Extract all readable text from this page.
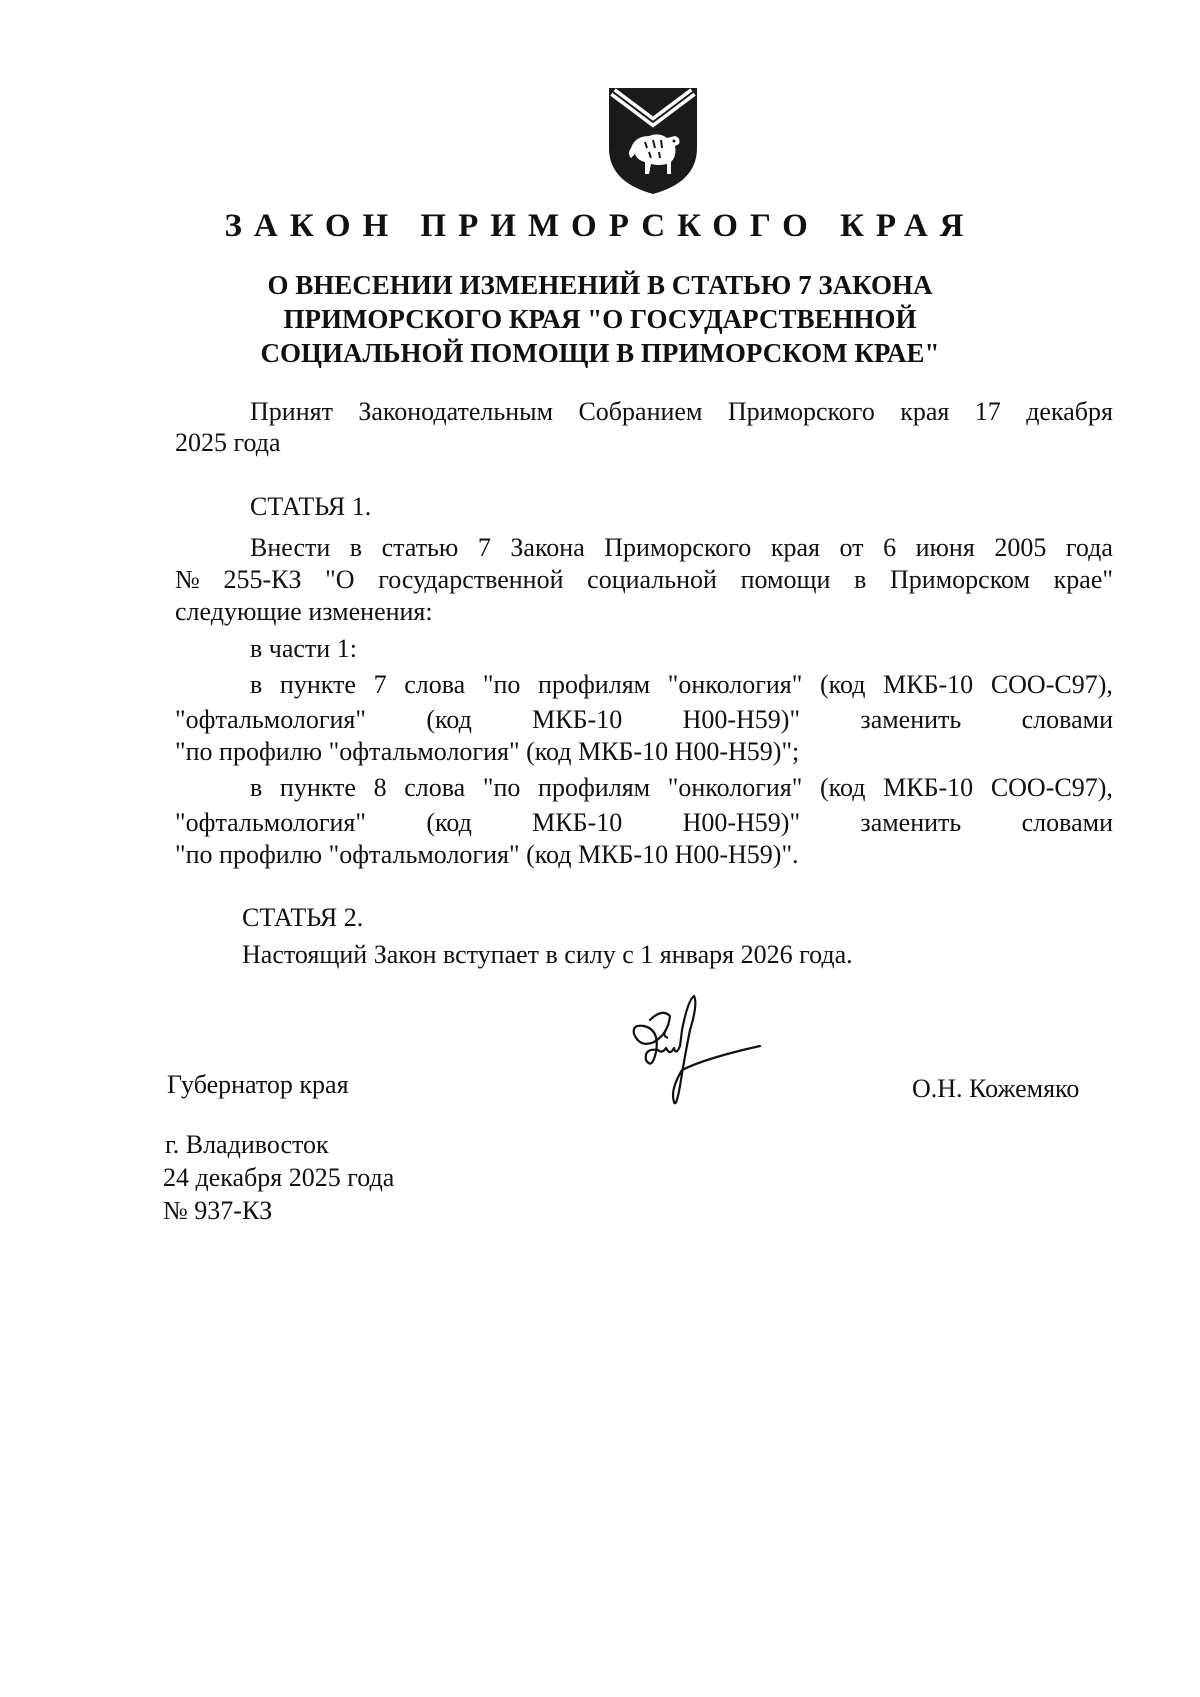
ЗАКОН ПРИМОРСКОГО КРАЯ
О ВНЕСЕНИИ ИЗМЕНЕНИЙ В СТАТЬЮ 7 ЗАКОНА
ПРИМОРСКОГО КРАЯ "О ГОСУДАРСТВЕННОЙ
СОЦИАЛЬНОЙ ПОМОЩИ В ПРИМОРСКОМ КРАЕ"
Принят Законодательным Собранием Приморского края 17 декабря
2025 года
СТАТЬЯ 1.
Внести в статью 7 Закона Приморского края от 6 июня 2005 года
№ 255-КЗ "О государственной социальной помощи в Приморском крае"
следующие изменения:
в части 1:
в пункте 7 слова "по профилям "онкология" (код МКБ-10 СОО-С97),
"офтальмология" (код МКБ-10 Н00-Н59)" заменить словами
"по профилю "офтальмология" (код МКБ-10 Н00-Н59)";
в пункте 8 слова "по профилям "онкология" (код МКБ-10 СОО-С97),
"офтальмология" (код МКБ-10 Н00-Н59)" заменить словами
"по профилю "офтальмология" (код МКБ-10 Н00-Н59)".
СТАТЬЯ 2.
Настоящий Закон вступает в силу с 1 января 2026 года.
Губернатор края	О.Н. Кожемяко
г. Владивосток
24 декабря 2025 года
№ 937-КЗ
